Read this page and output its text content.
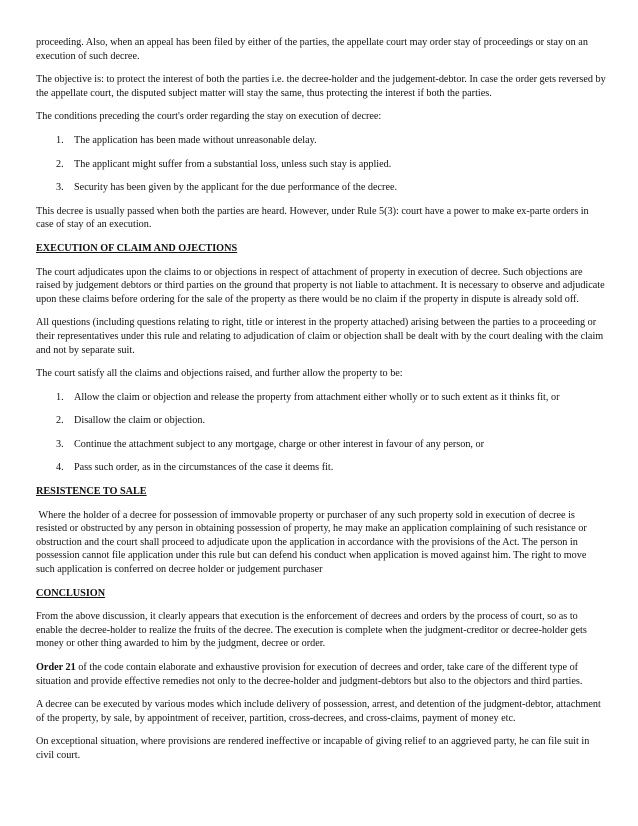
proceeding. Also, when an appeal has been filed by either of the parties, the appellate court may order stay of proceedings or stay on an execution of such decree.

The objective is: to protect the interest of both the parties i.e. the decree-holder and the judgement-debtor. In case the order gets reversed by the appellate court, the disputed subject matter will stay the same, thus protecting the interest if both the parties.

The conditions preceding the court's order regarding the stay on execution of decree:

1.	The application has been made without unreasonable delay.
2.	The applicant might suffer from a substantial loss, unless such stay is applied.
3.	Security has been given by the applicant for the due performance of the decree.

This decree is usually passed when both the parties are heard. However, under Rule 5(3): court have a power to make ex-parte orders in case of stay of an execution.

EXECUTION OF CLAIM AND OJECTIONS

The court adjudicates upon the claims to or objections in respect of attachment of property in execution of decree. Such objections are raised by judgement debtors or third parties on the ground that property is not liable to attachment. It is necessary to observe and adjudicate upon these claims before ordering for the sale of the property as there would be no claim if the property in dispute is already sold off.

All questions (including questions relating to right, title or interest in the property attached) arising between the parties to a proceeding or their representatives under this rule and relating to adjudication of claim or objection shall be dealt with by the court dealing with the claim and not by separate suit.

The court satisfy all the claims and objections raised, and further allow the property to be:

1.	Allow the claim or objection and release the property from attachment either wholly or to such extent as it thinks fit, or
2.	Disallow the claim or objection.
3.	Continue the attachment subject to any mortgage, charge or other interest in favour of any person, or
4.	Pass such order, as in the circumstances of the case it deems fit.
RESISTENCE TO SALE

Where the holder of a decree for possession of immovable property or purchaser of any such property sold in execution of decree is resisted or obstructed by any person in obtaining possession of property, he may make an application complaining of such resistance or obstruction and the court shall proceed to adjudicate upon the application in accordance with the provisions of the Act. The person in possession cannot file application under this rule but can defend his conduct when application is moved against him. The right to move such application is conferred on decree holder or judgement purchaser

CONCLUSION

From the above discussion, it clearly appears that execution is the enforcement of decrees and orders by the process of court, so as to enable the decree-holder to realize the fruits of the decree. The execution is complete when the judgment-creditor or decree-holder gets money or other thing awarded to him by the judgment, decree or order.

Order 21 of the code contain elaborate and exhaustive provision for execution of decrees and order, take care of the different type of situation and provide effective remedies not only to the decree-holder and judgment-debtors but also to the objectors and third parties.

A decree can be executed by various modes which include delivery of possession, arrest, and detention of the judgment-debtor, attachment of the property, by sale, by appointment of receiver, partition, cross-decrees, and cross-claims, payment of money etc.

On exceptional situation, where provisions are rendered ineffective or incapable of giving relief to an aggrieved party, he can file suit in civil court.
